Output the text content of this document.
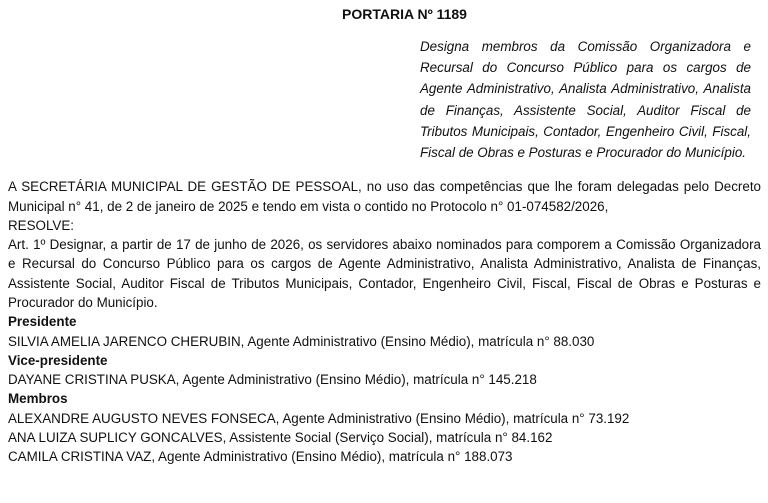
PORTARIA Nº 1189
Designa membros da Comissão Organizadora e Recursal do Concurso Público para os cargos de Agente Administrativo, Analista Administrativo, Analista de Finanças, Assistente Social, Auditor Fiscal de Tributos Municipais, Contador, Engenheiro Civil, Fiscal, Fiscal de Obras e Posturas e Procurador do Município.
A SECRETÁRIA MUNICIPAL DE GESTÃO DE PESSOAL, no uso das competências que lhe foram delegadas pelo Decreto
Municipal n° 41, de 2 de janeiro de 2025 e tendo em vista o contido no Protocolo n° 01-074582/2026,
RESOLVE:
Art. 1º Designar, a partir de 17 de junho de 2026, os servidores abaixo nominados para comporem a Comissão Organizadora e Recursal do Concurso Público para os cargos de Agente Administrativo, Analista Administrativo, Analista de Finanças, Assistente Social, Auditor Fiscal de Tributos Municipais, Contador, Engenheiro Civil, Fiscal, Fiscal de Obras e Posturas e Procurador do Município.
Presidente
SILVIA AMELIA JARENCO CHERUBIN, Agente Administrativo (Ensino Médio), matrícula n° 88.030
Vice-presidente
DAYANE CRISTINA PUSKA, Agente Administrativo (Ensino Médio), matrícula n° 145.218
Membros
ALEXANDRE AUGUSTO NEVES FONSECA, Agente Administrativo (Ensino Médio), matrícula n° 73.192
ANA LUIZA SUPLICY GONCALVES, Assistente Social (Serviço Social), matrícula n° 84.162
CAMILA CRISTINA VAZ, Agente Administrativo (Ensino Médio), matrícula n° 188.073
